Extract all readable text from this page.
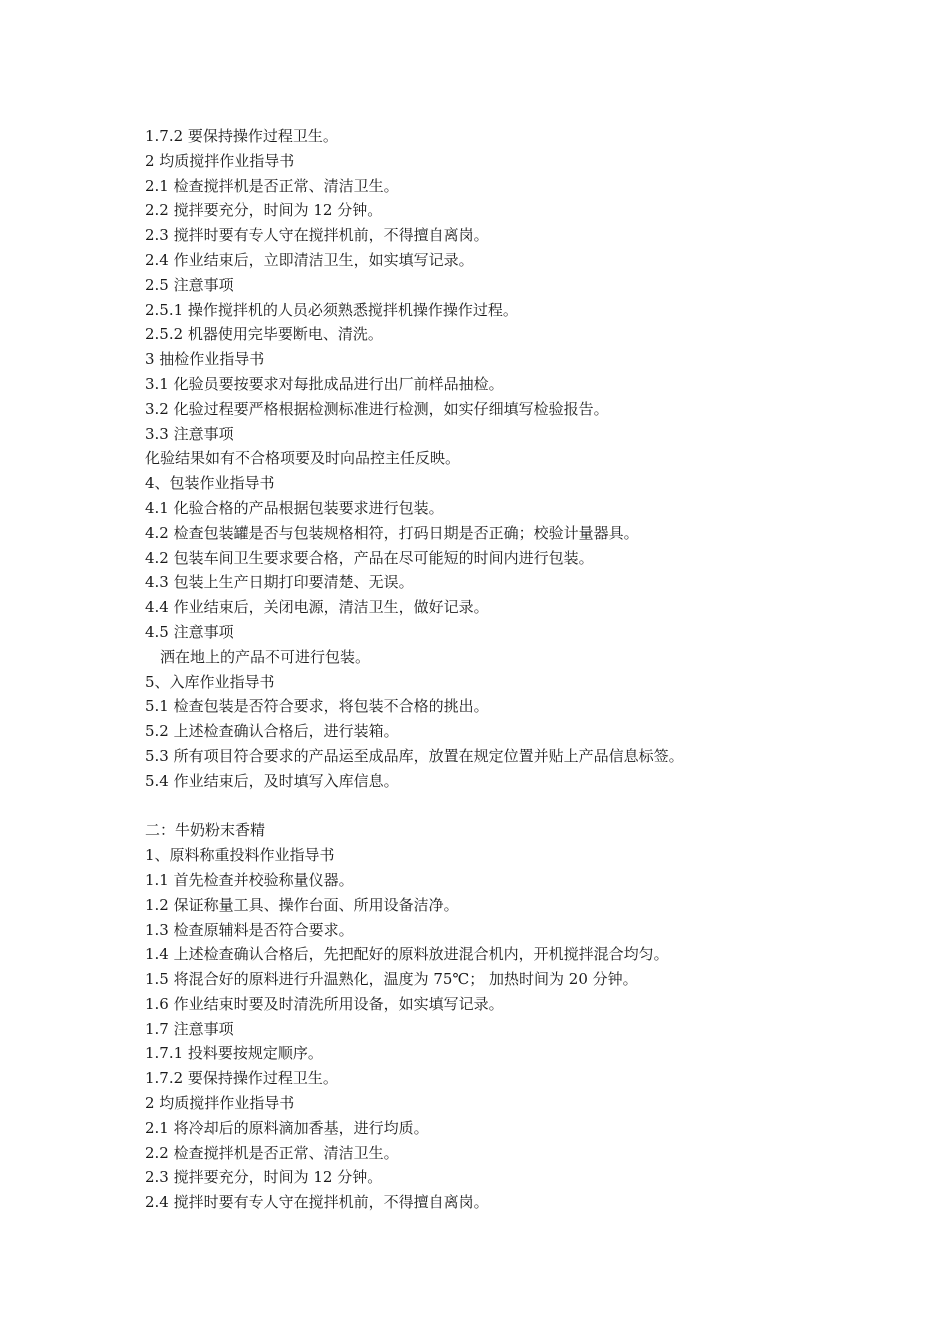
1.7.2 要保持操作过程卫生。
2 均质搅拌作业指导书
2.1 检查搅拌机是否正常、清洁卫生。
2.2 搅拌要充分，时间为 12 分钟。
2.3 搅拌时要有专人守在搅拌机前，不得擅自离岗。
2.4 作业结束后，立即清洁卫生，如实填写记录。
2.5 注意事项
2.5.1 操作搅拌机的人员必须熟悉搅拌机操作操作过程。
2.5.2 机器使用完毕要断电、清洗。
3 抽检作业指导书
3.1 化验员要按要求对每批成品进行出厂前样品抽检。
3.2 化验过程要严格根据检测标准进行检测，如实仔细填写检验报告。
3.3 注意事项
化验结果如有不合格项要及时向品控主任反映。
4、包装作业指导书
4.1 化验合格的产品根据包装要求进行包装。
4.2 检查包装罐是否与包装规格相符，打码日期是否正确；校验计量器具。
4.2 包装车间卫生要求要合格，产品在尽可能短的时间内进行包装。
4.3 包装上生产日期打印要清楚、无误。
4.4 作业结束后，关闭电源，清洁卫生，做好记录。
4.5 注意事项
洒在地上的产品不可进行包装。
5、入库作业指导书
5.1 检查包装是否符合要求，将包装不合格的挑出。
5.2 上述检查确认合格后，进行装箱。
5.3 所有项目符合要求的产品运至成品库，放置在规定位置并贴上产品信息标签。
5.4 作业结束后，及时填写入库信息。
二：牛奶粉末香精
1、原料称重投料作业指导书
1.1 首先检查并校验称量仪器。
1.2 保证称量工具、操作台面、所用设备洁净。
1.3 检查原辅料是否符合要求。
1.4 上述检查确认合格后，先把配好的原料放进混合机内，开机搅拌混合均匀。
1.5 将混合好的原料进行升温熟化，温度为 75℃； 加热时间为 20 分钟。
1.6 作业结束时要及时清洗所用设备，如实填写记录。
1.7 注意事项
1.7.1 投料要按规定顺序。
1.7.2 要保持操作过程卫生。
2 均质搅拌作业指导书
2.1 将冷却后的原料滴加香基，进行均质。
2.2 检查搅拌机是否正常、清洁卫生。
2.3 搅拌要充分，时间为 12 分钟。
2.4 搅拌时要有专人守在搅拌机前，不得擅自离岗。
